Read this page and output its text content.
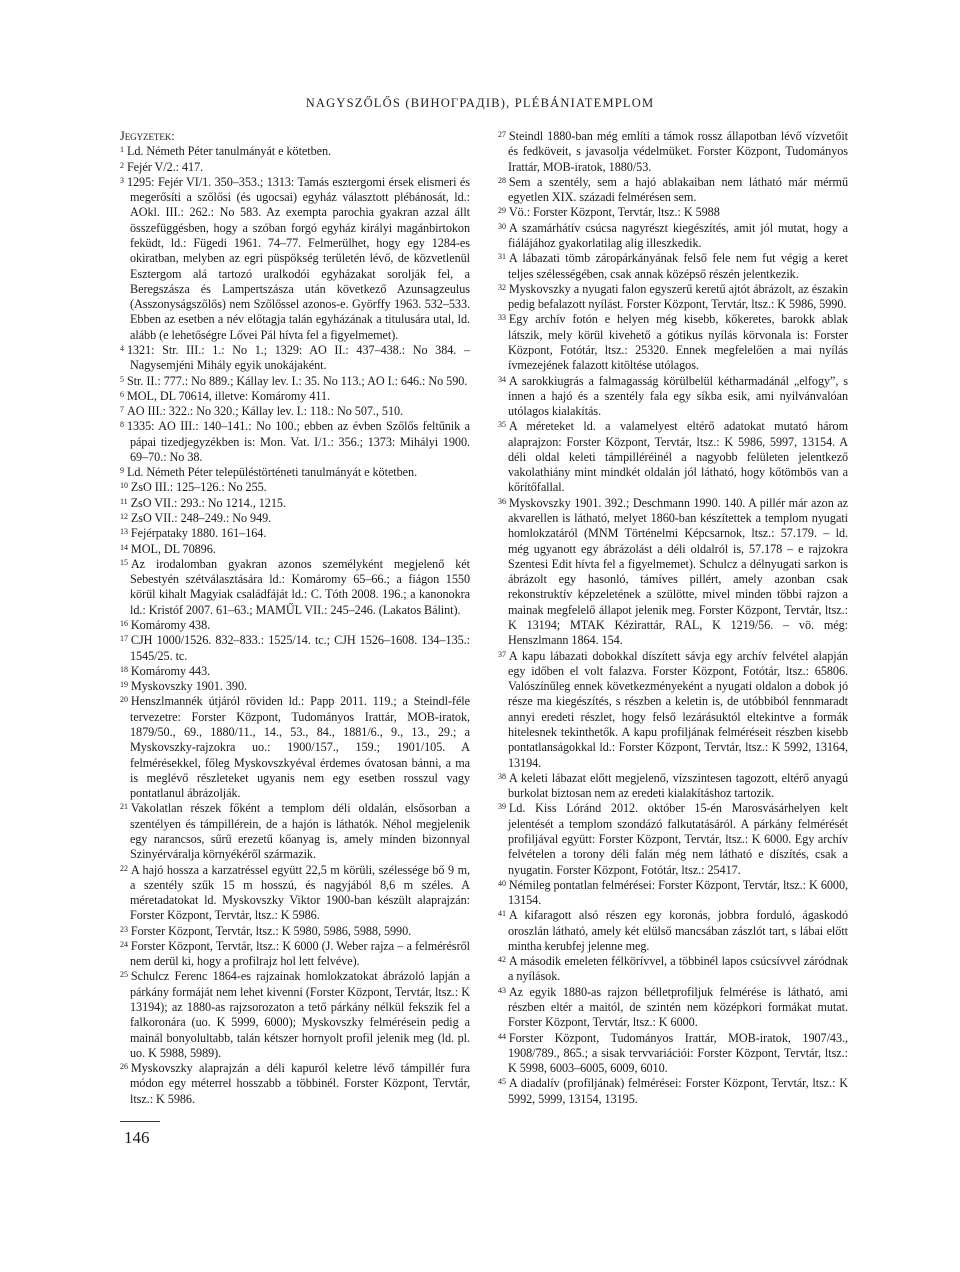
NAGYSZŐLŐS (ВИНОГРАДІВ), PLÉBÁNIATEMPLOM
Jegyzetek:

$^1$ Ld. Németh Péter tanulmányát e kötetben.

$^2$ Fejér V/2.: 417.

$^3$ 1295: Fejér VI/1. 350–353.; 1313: Tamás esztergomi érsek elismeri és megerősíti a szőlősi (és ugocsai) egyház választott plébánosát, ld.: AOkl. III.: 262.: No 583. Az exempta parochia gyakran azzal állt összefüggésben, hogy a szóban forgó egyház királyi magánbirtokon feküdt, ld.: Fügedi 1961. 74–77. Felmerülhet, hogy egy 1284-es okiratban, melyben az egri püspökség területén lévő, de közvetlenül Esztergom alá tartozó uralkodói egyházakat sorolják fel, a Beregszásza és Lampertszásza után következő Azunsagzeulus (Asszonyságszőlős) nem Szőlőssel azonos-e. Györffy 1963. 532–533. Ebben az esetben a név előtagja talán egyházának a titulusára utal, ld. alább (e lehetőségre Lővei Pál hívta fel a figyelmemet).

$^4$ 1321: Str. III.: 1.: No 1.; 1329: AO II.: 437–438.: No 384. – Nagysemjéni Mihály egyik unokájaként.

$^5$ Str. II.: 777.: No 889.; Kállay lev. I.: 35. No 113.; AO I.: 646.: No 590.

$^6$ MOL, DL 70614, illetve: Komáromy 411.

$^7$ AO III.: 322.: No 320.; Kállay lev. I.: 118.: No 507., 510.

$^8$ 1335: AO III.: 140–141.: No 100.; ebben az évben Szőlős feltűnik a pápai tizedjegyzékben is: Mon. Vat. I/1.: 356.; 1373: Mihályi 1900. 69–70.: No 38.

$^9$ Ld. Németh Péter településtörténeti tanulmányát e kötetben.

$^{10}$ ZsO III.: 125–126.: No 255.

$^{11}$ ZsO VII.: 293.: No 1214., 1215.

$^{12}$ ZsO VII.: 248–249.: No 949.

$^{13}$ Fejérpataky 1880. 161–164.

$^{14}$ MOL, DL 70896.

$^{15}$ Az irodalomban gyakran azonos személyként megjelenő két Sebestyén szétválasztására ld.: Komáromy 65–66.; a fiágon 1550 körül kihalt Magyiak családfáját ld.: C. Tóth 2008. 196.; a kanonokra ld.: Kristóf 2007. 61–63.; MAMŰL VII.: 245–246. (Lakatos Bálint).

$^{16}$ Komáromy 438.

$^{17}$ CJH 1000/1526. 832–833.: 1525/14. tc.; CJH 1526–1608. 134–135.: 1545/25. tc.

$^{18}$ Komáromy 443.

$^{19}$ Myskovszky 1901. 390.

$^{20}$ Henszlmannék útjáról röviden ld.: Papp 2011. 119.; a Steindl-féle tervezetre: Forster Központ, Tudományos Irattár, MOB-iratok, 1879/50., 69., 1880/11., 14., 53., 84., 1881/6., 9., 13., 29.; a Myskovszky-rajzokra uo.: 1900/157., 159.; 1901/105. A felmérésekkel, főleg Myskovszkyéval érdemes óvatosan bánni, a ma is meglévő részleteket ugyanis nem egy esetben rosszul vagy pontatlanul ábrázolják.

$^{21}$ Vakolatlan részek főként a templom déli oldalán, elsősorban a szentélyen és támpillérein, de a hajón is láthatók. Néhol megjelenik egy narancsos, sűrű erezetű kőanyag is, amely minden bizonnyal Szinyérváralja környékéről származik.

$^{22}$ A hajó hossza a karzatréssel együtt 22,5 m körüli, szélessége bő 9 m, a szentély szűk 15 m hosszú, és nagyjából 8,6 m széles. A méretadatokat ld. Myskovszky Viktor 1900-ban készült alaprajzán: Forster Központ, Tervtár, ltsz.: K 5986.

$^{23}$ Forster Központ, Tervtár, ltsz.: K 5980, 5986, 5988, 5990.

$^{24}$ Forster Központ, Tervtár, ltsz.: K 6000 (J. Weber rajza – a felmérésről nem derül ki, hogy a profilrajz hol lett felvéve).

$^{25}$ Schulcz Ferenc 1864-es rajzainak homlokzatokat ábrázoló lapján a párkány formáját nem lehet kivenni (Forster Központ, Tervtár, ltsz.: K 13194); az 1880-as rajzsorozaton a tető párkány nélkül fekszik fel a falkoronára (uo. K 5999, 6000); Myskovszky felmérésein pedig a mainál bonyolultabb, talán kétszer hornyolt profil jelenik meg (ld. pl. uo. K 5988, 5989).

$^{26}$ Myskovszky alaprajzán a déli kapuról keletre lévő támpillér fura módon egy méterrel hosszabb a többinél. Forster Központ, Tervtár, ltsz.: K 5986.

$^{27}$ Steindl 1880-ban még említi a támok rossz állapotban lévő vízvetőit és fedköveit, s javasolja védelmüket. Forster Központ, Tudományos Irattár, MOB-iratok, 1880/53.

$^{28}$ Sem a szentély, sem a hajó ablakaiban nem látható már mérmű egyetlen XIX. századi felmérésen sem.

$^{29}$ Vö.: Forster Központ, Tervtár, ltsz.: K 5988

$^{30}$ A szamárhátív csúcsa nagyrészt kiegészítés, amit jól mutat, hogy a fiálájához gyakorlatilag alig illeszkedik.

$^{31}$ A lábazati tömb záropárkányának felső fele nem fut végig a keret teljes szélességében, csak annak középső részén jelentkezik.

$^{32}$ Myskovszky a nyugati falon egyszerű keretű ajtót ábrázolt, az északin pedig befalazott nyílást. Forster Központ, Tervtár, ltsz.: K 5986, 5990.

$^{33}$ Egy archív fotón e helyen még kisebb, kőkeretes, barokk ablak látszik, mely körül kivehető a gótikus nyílás körvonala is: Forster Központ, Fotótár, ltsz.: 25320. Ennek megfelelően a mai nyílás ívmezejének falazott kitöltése utólagos.

$^{34}$ A sarokkiugrás a falmagasság körülbelül kétharmadánál „elfogy”, s innen a hajó és a szentély fala egy síkba esik, ami nyilvánvalóan utólagos kialakítás.

$^{35}$ A méreteket ld. a valamelyest eltérő adatokat mutató három alaprajzon: Forster Központ, Tervtár, ltsz.: K 5986, 5997, 13154. A déli oldal keleti támpilléréinél a nagyobb felületen jelentkező vakolathiány mint mindkét oldalán jól látható, hogy kőtömbös van a kőrítőfallal.

$^{36}$ Myskovszky 1901. 392.; Deschmann 1990. 140. A pillér már azon az akvarellen is látható, melyet 1860-ban készítettek a templom nyugati homlokzatáról (MNM Történelmi Képcsarnok, ltsz.: 57.179. – ld. még ugyanott egy ábrázolást a déli oldalról is, 57.178 – e rajzokra Szentesi Edit hívta fel a figyelmemet). Schulcz a délnyugati sarkon is ábrázolt egy hasonló, támíves pillért, amely azonban csak rekonstruktív képzeletének a szülötte, mivel minden többi rajzon a mainak megfelelő állapot jelenik meg. Forster Központ, Tervtár, ltsz.: K 13194; MTAK Kézirattár, RAL, K 1219/56. – vö. még: Henszlmann 1864. 154.

$^{37}$ A kapu lábazati dobokkal díszített sávja egy archív felvétel alapján egy időben el volt falazva. Forster Központ, Fotótár, ltsz.: 65806. Valószínűleg ennek következményeként a nyugati oldalon a dobok jó része ma kiegészítés, s részben a keletin is, de utóbbiból fennmaradt annyi eredeti részlet, hogy felső lezárásuktól eltekintve a formák hitelesnek tekinthetők. A kapu profiljának felméréseit részben kisebb pontatlanságokkal ld.: Forster Központ, Tervtár, ltsz.: K 5992, 13164, 13194.

$^{38}$ A keleti lábazat előtt megjelenő, vízszintesen tagozott, eltérő anyagú burkolat biztosan nem az eredeti kialakításhoz tartozik.

$^{39}$ Ld. Kiss Lóránd 2012. október 15-én Marosvásárhelyen kelt jelentését a templom szondázó falkutatásáról. A párkány felmérését profiljával együtt: Forster Központ, Tervtár, ltsz.: K 6000. Egy archív felvételen a torony déli falán még nem látható e díszítés, csak a nyugatin. Forster Központ, Fotótár, ltsz.: 25417.

$^{40}$ Némileg pontatlan felmérései: Forster Központ, Tervtár, ltsz.: K 6000, 13154.

$^{41}$ A kifaragott alsó részen egy koronás, jobbra forduló, ágaskodó oroszlán látható, amely két elülső mancsában zászlót tart, s lábai előtt mintha kerubfej jelenne meg.

$^{42}$ A második emeleten félkörívvel, a többinél lapos csúcsívvel záródnak a nyílások.

$^{43}$ Az egyik 1880-as rajzon bélletprofiljuk felmérése is látható, ami részben eltér a maitól, de szintén nem középkori formákat mutat. Forster Központ, Tervtár, ltsz.: K 6000.

$^{44}$ Forster Központ, Tudományos Irattár, MOB-iratok, 1907/43., 1908/789., 865.; a sisak tervvariációi: Forster Központ, Tervtár, ltsz.: K 5998, 6003–6005, 6009, 6010.

$^{45}$ A diadalív (profiljának) felmérései: Forster Központ, Tervtár, ltsz.: K 5992, 5999, 13154, 13195.

146
